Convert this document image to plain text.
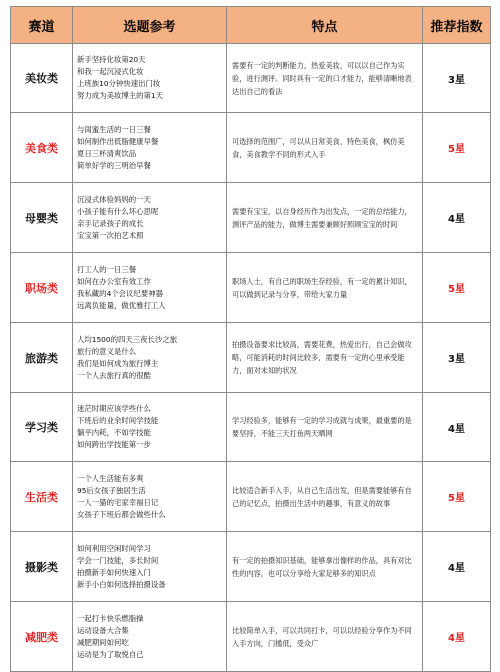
赛道	选题参考	特点	推荐指数
美妆类	新手坚持化妆第20天
和我一起沉浸式化妆
上班族10分钟快速出门妆
努力成为美妆博主的第1天	需要有一定的判断能力，热爱美妆，可以以自己作为实验，进行测评。同时具有一定的口才能力，能够清晰地表达出自己的看法	3星
美食类	与闺蜜生活的一日三餐
如何制作出低脂健康早餐
夏日三杯清爽饮品
简单好学的三明治早餐	可选择的范围广，可以从日常美食，特色美食，枫仿美食，美食教学不同的形式入手	5星
母婴类	沉浸式体验妈妈的一天
小孩子能有什么坏心思呢
亲手记录孩子的成长
宝宝第一次拍艺术照	需要有宝宝，以自身经历作为出发点，一定的总结能力，测评产品的能力，做博主需要兼顾好照顾宝宝的时间	4星
职场类	打工人的一日三餐
如何在办公室有效工作
我私藏的4个会议纪要神器
远离负能量，做优雅打工人	职场人士，有自己的职场生存经验，有一定的累计知识，可以做到记录与分享，带给大家力量	5星
旅游类	人均1500的四天三夜长沙之旅
旅行的意义是什么
我们是如何成为旅行博主
一个人去旅行真的很酷	拍摄设备要求比较高，需要花费，热爱出行，自己会做攻略，可能消耗的时间比较多，需要有一定的心里承受能力，面对未知的状况	3星
学习类	迷茫时期应该学些什么
下班后的业余时间学技能
躺平内耗，不如学技能
如何跨出学技能第一步	学习经验多，能够有一定的学习成就与成果，最重要的是要坚持，不能三天打鱼两天晒网	4星
生活类	一个人生活能有多爽
95后女孩子独居生活
一人一猫的宅家幸福日记
女孩子下班后都会做些什么	比较适合新手入手，从自己生活出发，但是需要能够有自己的记忆点，拍摄出生活中的趣事，有意义的故事	5星
摄影类	如何利用空闲时间学习
学会一门技能，多长时间
拍摄新手如何快速入门
新手小白如何选择拍摄设备	有一定的拍摄知识基础，能够拿出像样的作品，具有对比性的内容，也可以分享给大家足够多的知识点	4星
减肥类	一起打卡快乐燃脂操
运动设备大合集
减肥期间如何吃
运动是为了取悦自己	比较简单入手，可以共同打卡，可以以经验分享作为不同入手方向，门槛低，受众广	4星
